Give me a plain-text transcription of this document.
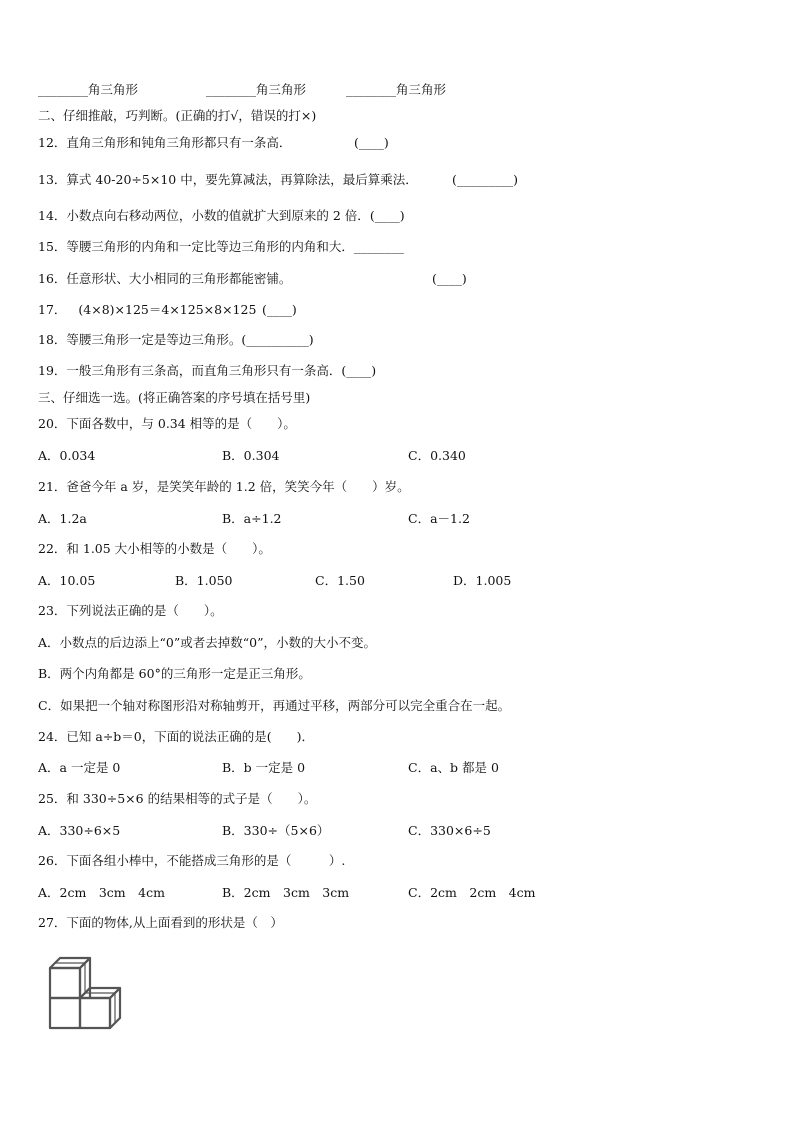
________角三角形	________角三角形	________角三角形
二、仔细推敲，巧判断。(正确的打√，错误的打×)
12．直角三角形和钝角三角形都只有一条高．	(____)
13．算式 40-20÷5×10 中，要先算减法，再算除法，最后算乘法．	(_________)
14．小数点向右移动两位，小数的值就扩大到原来的 2 倍．(____)
15．等腰三角形的内角和一定比等边三角形的内角和大．________
16．任意形状、大小相同的三角形都能密铺。	(____)
17． (4×8)×125＝4×125×8×125 (____)
18．等腰三角形一定是等边三角形。(__________)
19．一般三角形有三条高，而直角三角形只有一条高．(____)
三、仔细选一选。(将正确答案的序号填在括号里)
20．下面各数中，与 0.34 相等的是（　　）。
A．0.034	B．0.304	C．0.340
21．爸爸今年 a 岁，是笑笑年龄的 1.2 倍，笑笑今年（　　）岁。
A．1.2a	B．a÷1.2	C．a－1.2
22．和 1.05 大小相等的小数是（　　）。
A．10.05	B．1.050	C．1.50	D．1.005
23．下列说法正确的是（　　）。
A．小数点的后边添上“0”或者去掉数“0”，小数的大小不变。
B．两个内角都是 60°的三角形一定是正三角形。
C．如果把一个轴对称图形沿对称轴剪开，再通过平移，两部分可以完全重合在一起。
24．已知 a÷b＝0，下面的说法正确的是(　　)．
A．a 一定是 0	B．b 一定是 0	C．a、b 都是 0
25．和 330÷5×6 的结果相等的式子是（　　）。
A．330÷6×5	B．330÷（5×6）	C．330×6÷5
26．下面各组小棒中，不能搭成三角形的是（　　　）.
A．2cm　3cm　4cm	B．2cm　3cm　3cm	C．2cm　2cm　4cm
27．下面的物体,从上面看到的形状是（　）
